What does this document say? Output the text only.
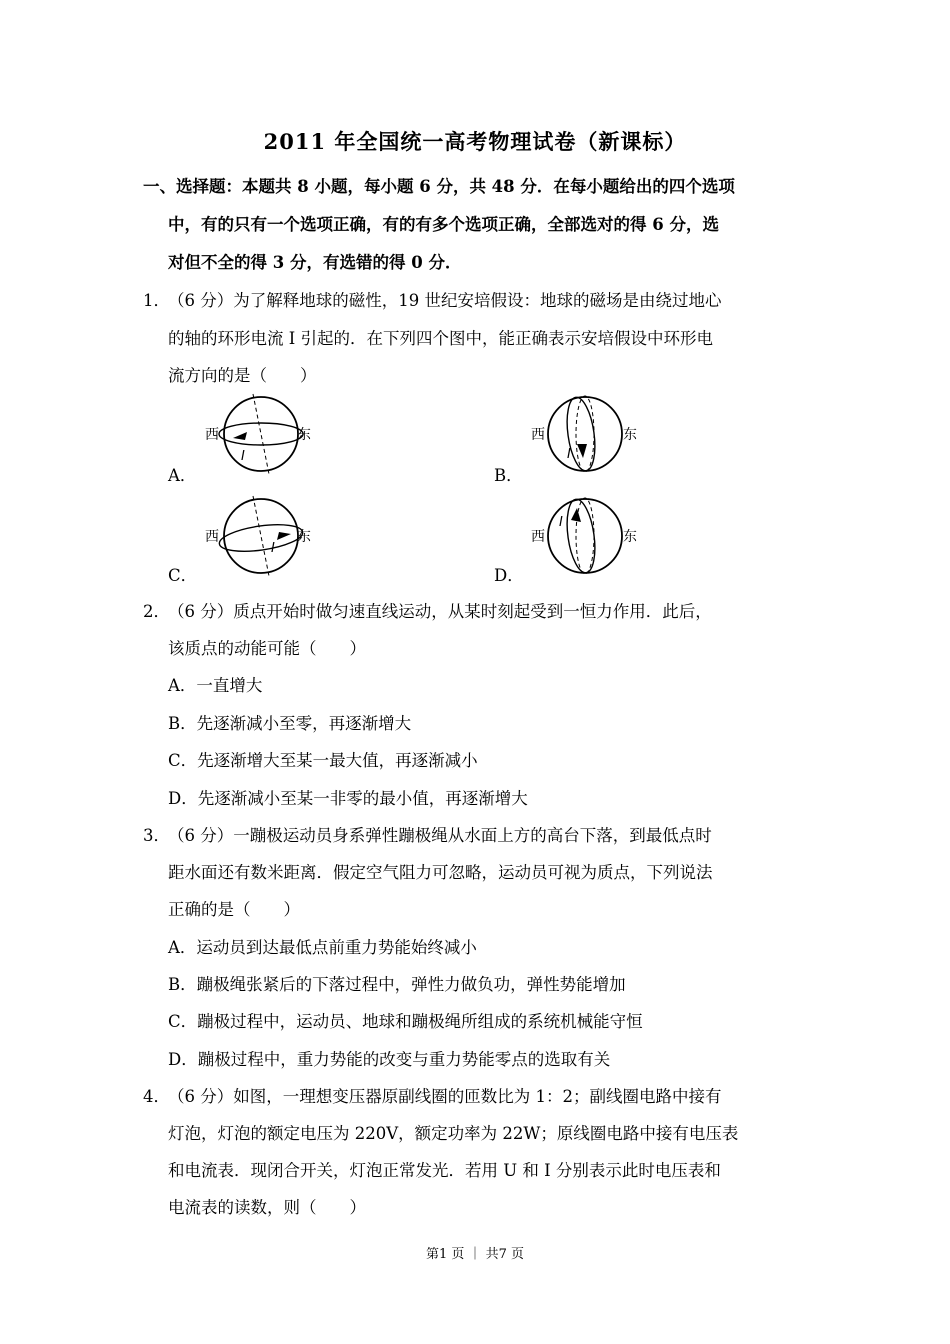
2011 年全国统一高考物理试卷（新课标）
一、选择题：本题共 8 小题，每小题 6 分，共 48 分．在每小题给出的四个选项
中，有的只有一个选项正确，有的有多个选项正确，全部选对的得 6 分，选
对但不全的得 3 分，有选错的得 0 分．
1．
（6 分）为了解释地球的磁性，19 世纪安培假设：地球的磁场是由绕过地心
的轴的环形电流 I 引起的．在下列四个图中，能正确表示安培假设中环形电
流方向的是（　　）
A．
西	东
I
B．
西	东
I
C．
西	东
I
D．
西	东
I
2．
（6 分）质点开始时做匀速直线运动，从某时刻起受到一恒力作用．此后，
该质点的动能可能（　　）
A．一直增大
B．先逐渐减小至零，再逐渐增大
C．先逐渐增大至某一最大值，再逐渐减小
D．先逐渐减小至某一非零的最小值，再逐渐增大
3．
（6 分）一蹦极运动员身系弹性蹦极绳从水面上方的高台下落，到最低点时
距水面还有数米距离．假定空气阻力可忽略，运动员可视为质点，下列说法
正确的是（　　）
A．运动员到达最低点前重力势能始终减小
B．蹦极绳张紧后的下落过程中，弹性力做负功，弹性势能增加
C．蹦极过程中，运动员、地球和蹦极绳所组成的系统机械能守恒
D．蹦极过程中，重力势能的改变与重力势能零点的选取有关
4．
（6 分）如图，一理想变压器原副线圈的匝数比为 1：2；副线圈电路中接有
灯泡，灯泡的额定电压为 220V，额定功率为 22W；原线圈电路中接有电压表
和电流表．现闭合开关，灯泡正常发光．若用 U 和 I 分别表示此时电压表和
电流表的读数，则（　　）
第1 页 ｜ 共7 页
